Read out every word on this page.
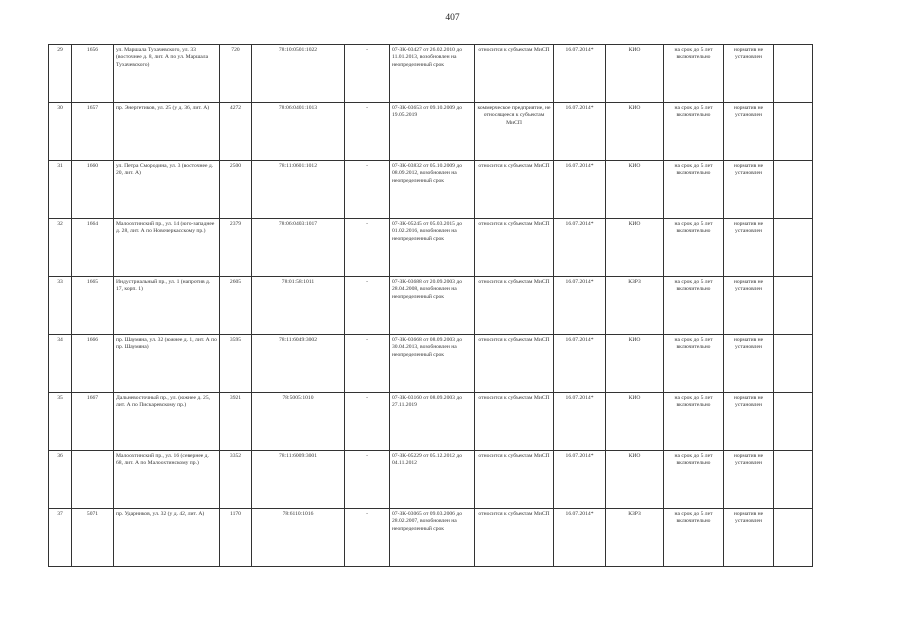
407
29	1656	ул. Маршала Тухачевского, ул. 33 (восточнее д. 8, лит. А по ул. Маршала Тухачевского)	720	78:10:0501:1022	-	07-ЗК-03427 от 26.02.2010 до 11.01.2013, возобновлен на неопределенный срок	относится к субъектам МиСП	16.07.2014*	КИО	на срок до 5 лет включительно	норматив не установлен	
30	1657	пр. Энергетиков, ул. 25 (у д. 36, лит. А)	4272	78:06:0401:1013	-	07-ЗК-03653 от 09.10.2009 до 19.05.2019	коммерческое предприятие, не относящееся к субъектам МиСП	16.07.2014*	КИО	на срок до 5 лет включительно	норматив не установлен	
31	1660	ул. Петра Смородина, ул. 3 (восточнее д. 20, лит. А)	2500	78:11:0601:1012	-	07-ЗК-03832 от 05.10.2009 до 08.09.2012, возобновлен на неопределенный срок	относится к субъектам МиСП	16.07.2014*	КИО	на срок до 5 лет включительно	норматив не установлен	
32	1664	Малоохтинский пр., ул. 14 (юго-западнее д. 28, лит. А по Новочеркасскому пр.)	2379	78:06:0403:1017	-	07-ЗК-05245 от 05.03.2015 до 01.02.2016, возобновлен на неопределенный срок	относится к субъектам МиСП	16.07.2014*	КИО	на срок до 5 лет включительно	норматив не установлен	
33	1665	Индустриальный пр., ул. 1 (напротив д. 17, корп. 1)	2605	78:01:58:1011	-	07-ЗК-03688 от 20.09.2003 до 28.04.2008, возобновлен на неопределенный срок	относится к субъектам МиСП	16.07.2014*	КЗРЗ	на срок до 5 лет включительно	норматив не установлен	
34	1666	пр. Шаумяна, ул. 32 (южнее д. 1, лит. А по пр. Шаумяна)	3595	78:11:6049:3002	-	07-ЗК-03668 от 08.09.2003 до 30.04.2013, возобновлен на неопределенный срок	относится к субъектам МиСП	16.07.2014*	КИО	на срок до 5 лет включительно	норматив не установлен	
35	1667	Дальневосточный пр., ул. (южнее д. 25, лит. А по Пискаревскому пр.)	3921	78:5005:1010	-	07-ЗК-03160 от 08.09.2003 до 27.11.2019	относится к субъектам МиСП	16.07.2014*	КИО	на срок до 5 лет включительно	норматив не установлен	
36		Малоохтинский пр., ул. 16 (севернее д. 68, лит. А по Малоохтинскому пр.)	3352	78:11:6009:3001	-	07-ЗК-05229 от 05.12.2012 до 04.11.2012	относится к субъектам МиСП	16.07.2014*	КИО	на срок до 5 лет включительно	норматив не установлен	
37	5071	пр. Ударников, ул. 32 (у д. 42, лит. А)	1170	78:6110:1016	-	07-ЗК-03065 от 09.03.2006 до 28.02.2007, возобновлен на неопределенный срок	относится к субъектам МиСП	16.07.2014*	КЗРЗ	на срок до 5 лет включительно	норматив не установлен	
